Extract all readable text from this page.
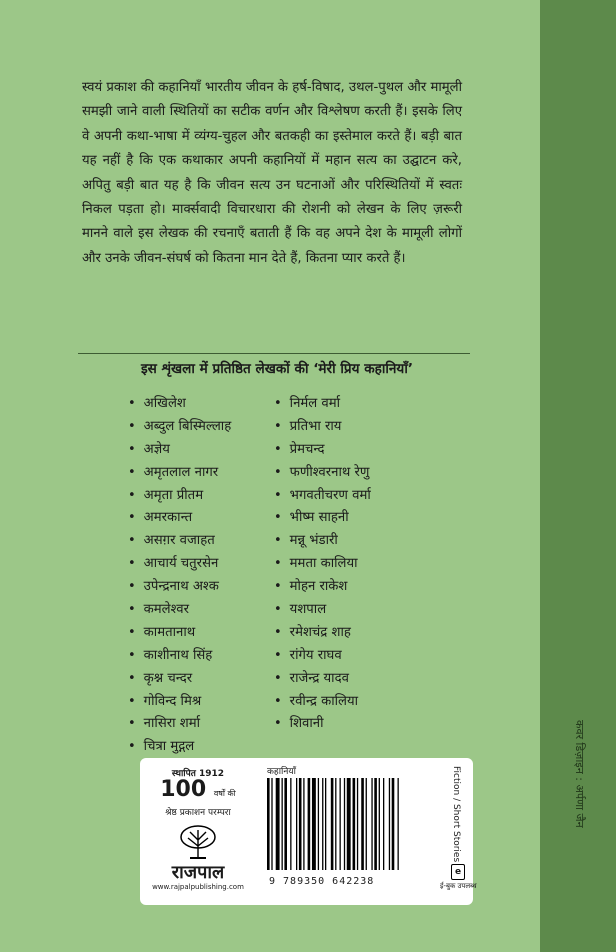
कवर डिज़ाइन : अर्पणा जैन

स्वयं प्रकाश की कहानियाँ भारतीय जीवन के हर्ष-विषाद, उथल-पुथल और मामूली समझी जाने वाली स्थितियों का सटीक वर्णन और विश्लेषण करती हैं। इसके लिए वे अपनी कथा-भाषा में व्यंग्य-चुहल और बतकही का इस्तेमाल करते हैं। बड़ी बात यह नहीं है कि एक कथाकार अपनी कहानियों में महान सत्य का उद्घाटन करे, अपितु बड़ी बात यह है कि जीवन सत्य उन घटनाओं और परिस्थितियों में स्वतः निकल पड़ता हो। मार्क्सवादी विचारधारा की रोशनी को लेखन के लिए ज़रूरी मानने वाले इस लेखक की रचनाएँ बताती हैं कि वह अपने देश के मामूली लोगों और उनके जीवन-संघर्ष को कितना मान देते हैं, कितना प्यार करते हैं।

इस शृंखला में प्रतिष्ठित लेखकों की ‘मेरी प्रिय कहानियाँ’
• अखिलेश
• अब्दुल बिस्मिल्लाह
• अज्ञेय
• अमृतलाल नागर
• अमृता प्रीतम
• अमरकान्त
• असग़र वजाहत
• आचार्य चतुरसेन
• उपेन्द्रनाथ अश्क
• कमलेश्वर
• कामतानाथ
• काशीनाथ सिंह
• कृश्न चन्दर
• गोविन्द मिश्र
• नासिरा शर्मा
• चित्रा मुद्गल
• निर्मल वर्मा
• प्रतिभा राय
• प्रेमचन्द
• फणीश्वरनाथ रेणु
• भगवतीचरण वर्मा
• भीष्म साहनी
• मन्नू भंडारी
• ममता कालिया
• मोहन राकेश
• यशपाल
• रमेशचंद्र शाह
• रांगेय राघव
• राजेन्द्र यादव
• रवीन्द्र कालिया
• शिवानी
स्थापित 1912
100 वर्षों की
श्रेष्ठ प्रकाशन परम्परा
राजपाल
www.rajpalpublishing.com
कहानियाँ
9 789350 642238
Fiction / Short Stories
e
ई-बुक उपलब्ध
